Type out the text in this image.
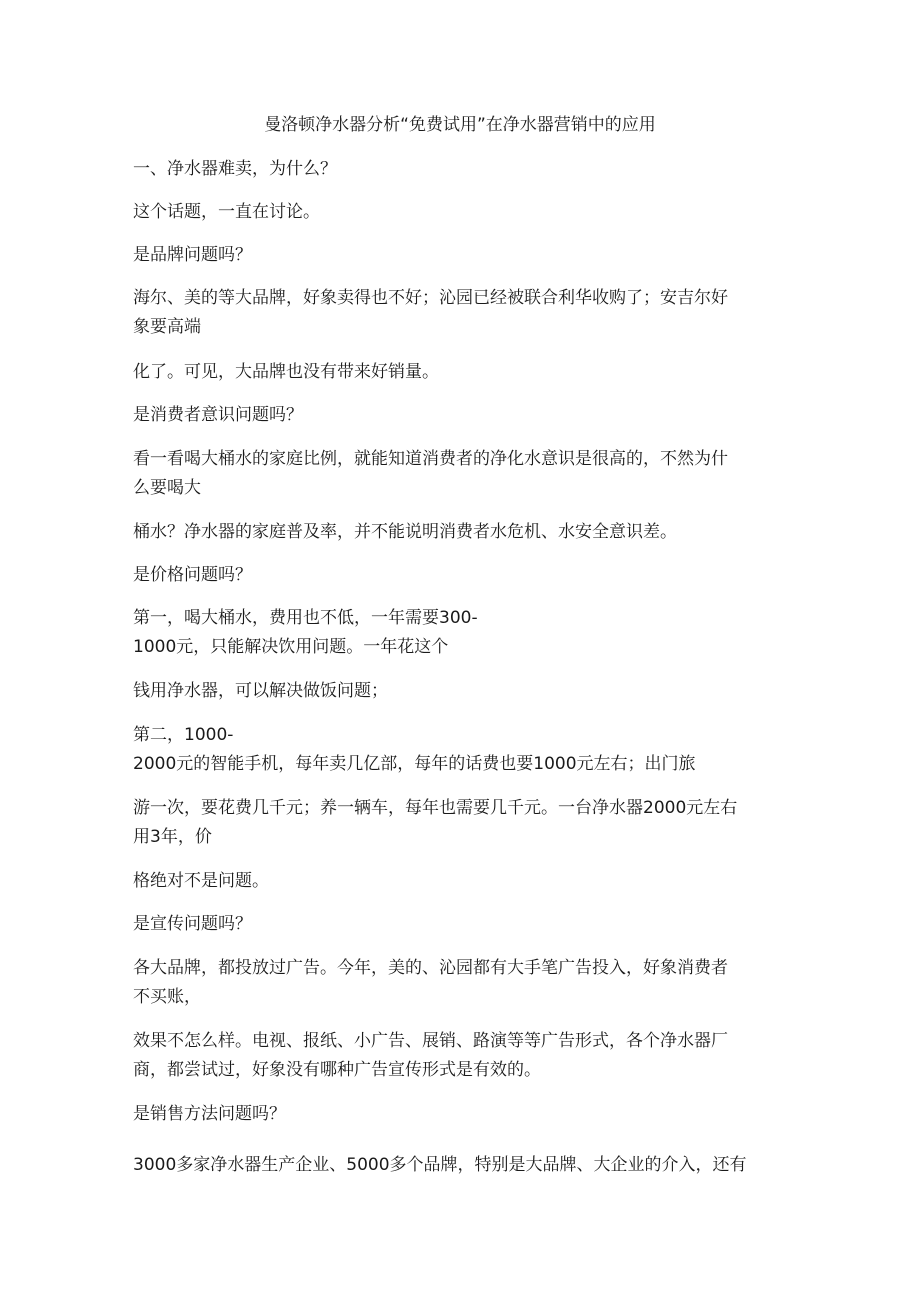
曼洛顿净水器分析“免费试用”在净水器营销中的应用
一、净水器难卖，为什么？
这个话题，一直在讨论。
是品牌问题吗？
海尔、美的等大品牌，好象卖得也不好；沁园已经被联合利华收购了；安吉尔好
象要高端
化了。可见，大品牌也没有带来好销量。
是消费者意识问题吗？
看一看喝大桶水的家庭比例，就能知道消费者的净化水意识是很高的，不然为什
么要喝大
桶水？净水器的家庭普及率，并不能说明消费者水危机、水安全意识差。
是价格问题吗？
第一，喝大桶水，费用也不低，一年需要300-
1000元，只能解决饮用问题。一年花这个
钱用净水器，可以解决做饭问题；
第二，1000-
2000元的智能手机，每年卖几亿部，每年的话费也要1000元左右；出门旅
游一次，要花费几千元；养一辆车，每年也需要几千元。一台净水器2000元左右
用3年，价
格绝对不是问题。
是宣传问题吗？
各大品牌，都投放过广告。今年，美的、沁园都有大手笔广告投入，好象消费者
不买账，
效果不怎么样。电视、报纸、小广告、展销、路演等等广告形式，各个净水器厂
商，都尝试过，好象没有哪种广告宣传形式是有效的。
是销售方法问题吗？
3000多家净水器生产企业、5000多个品牌，特别是大品牌、大企业的介入，还有
